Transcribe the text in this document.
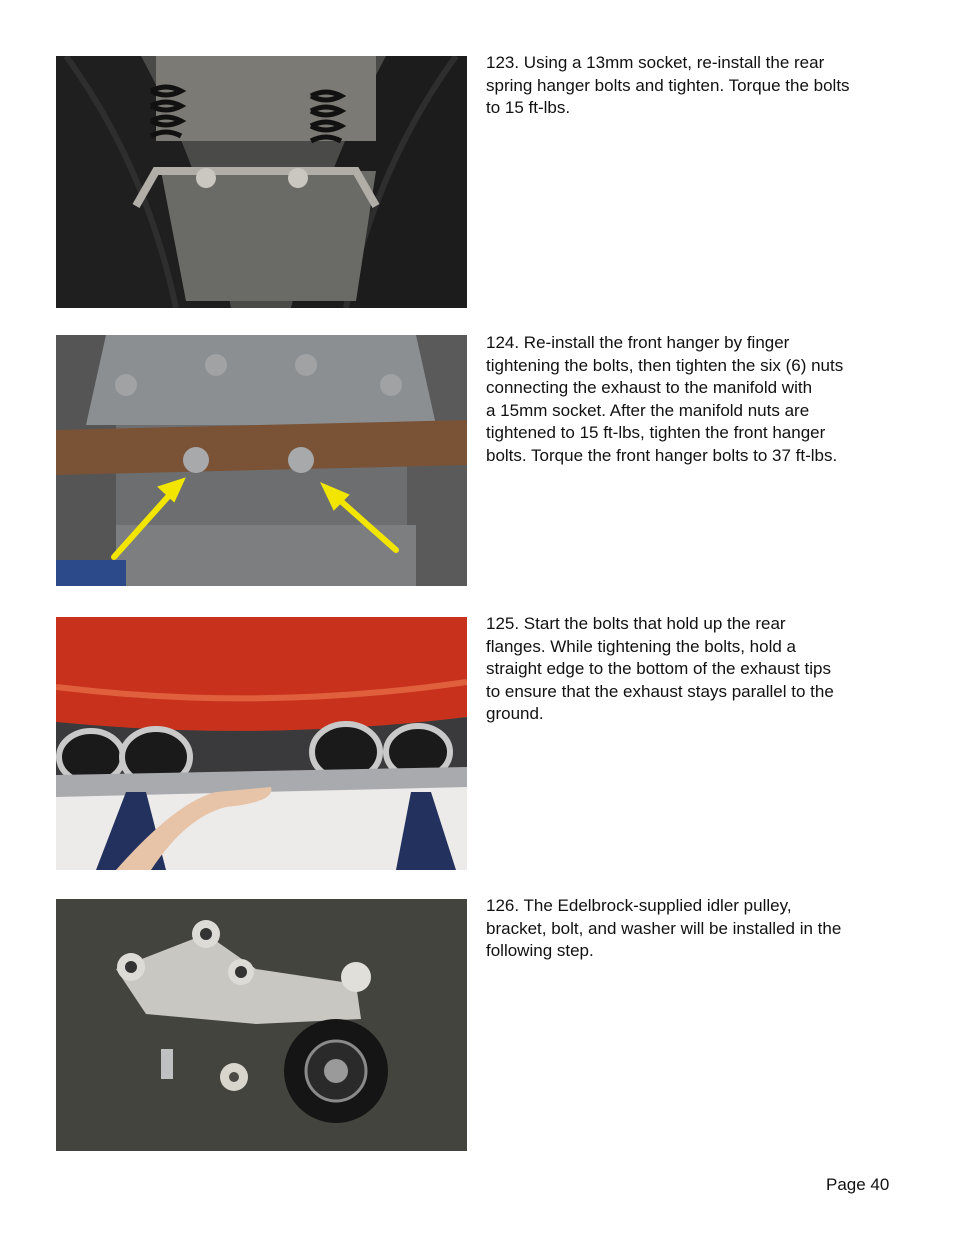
123. Using a 13mm socket, re-install the rear
spring hanger bolts and tighten. Torque the bolts
to 15 ft-lbs.
124. Re-install the front hanger by finger
tightening the bolts, then tighten the six (6) nuts
connecting the exhaust to the manifold with
a 15mm socket. After the manifold nuts are
tightened to 15 ft-lbs, tighten the front hanger
bolts. Torque the front hanger bolts to 37 ft-lbs.
125. Start the bolts that hold up the rear
flanges. While tightening the bolts, hold a
straight edge to the bottom of the exhaust tips
to ensure that the exhaust stays parallel to the
ground.
126. The Edelbrock-supplied idler pulley,
bracket, bolt, and washer will be installed in the
following step.
Page 40
